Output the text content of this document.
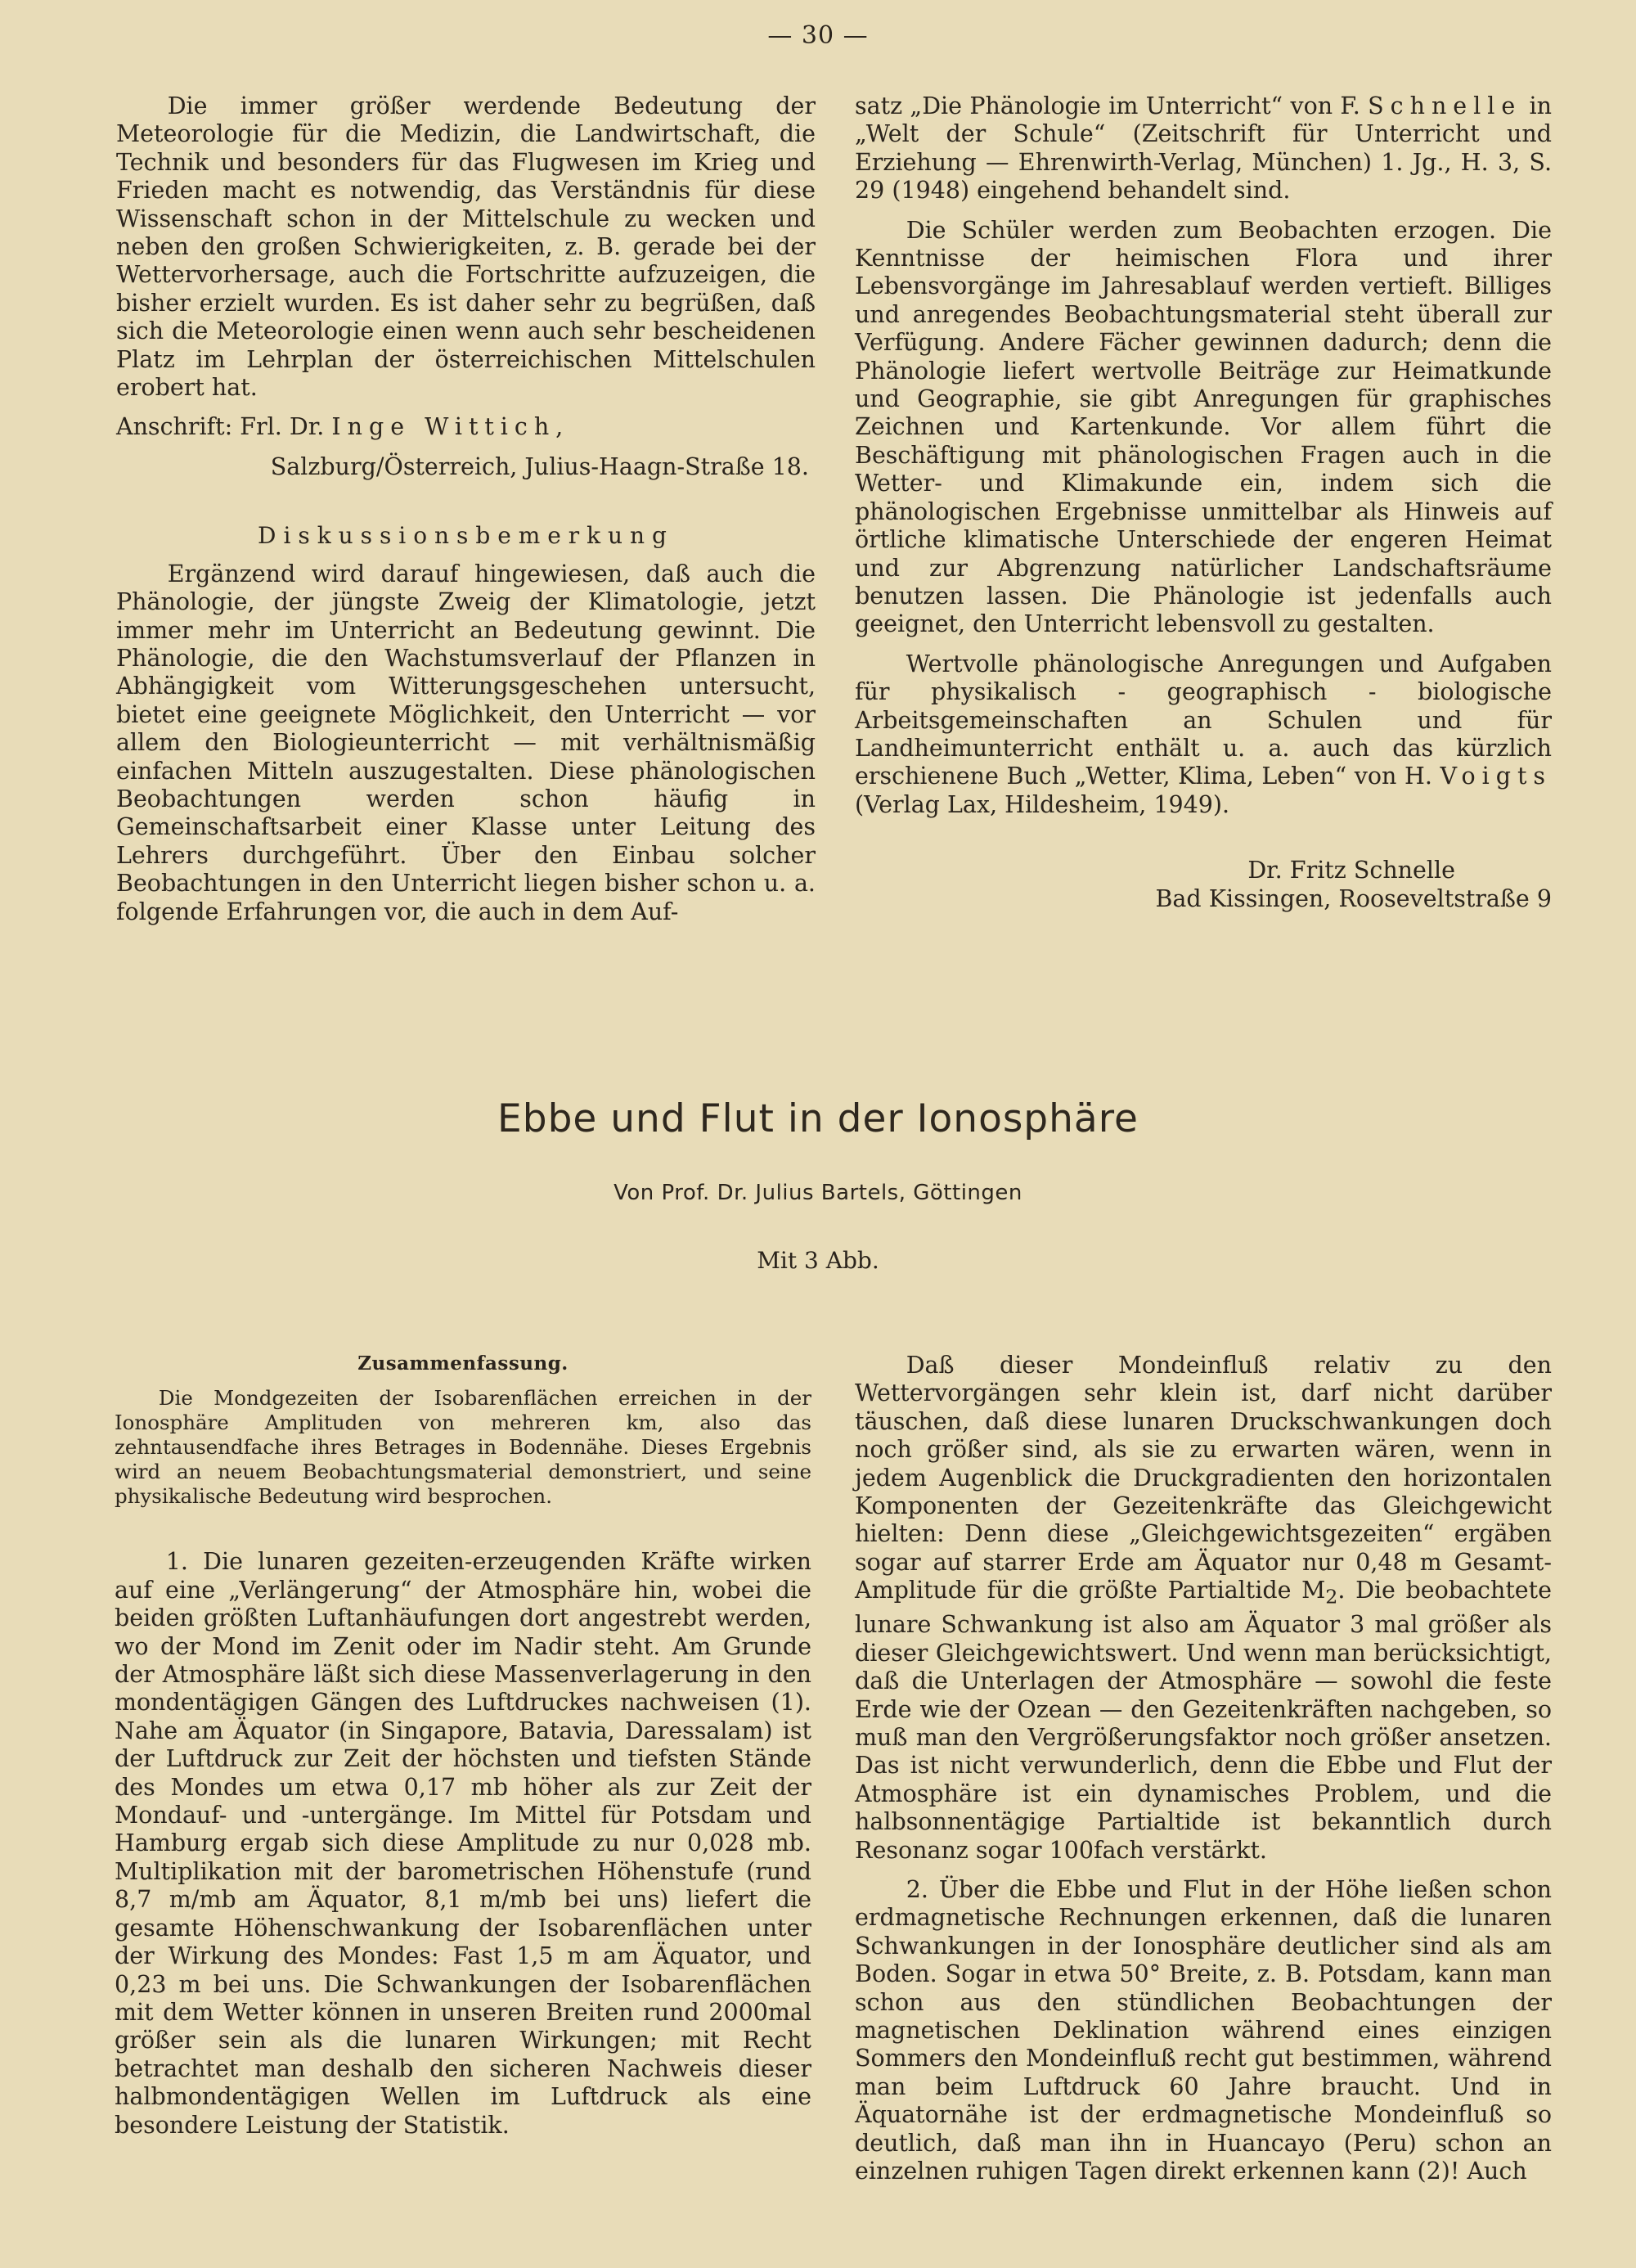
— 30 —

Die immer größer werdende Bedeutung der Meteorologie für die Medizin, die Landwirtschaft, die Technik und besonders für das Flugwesen im Krieg und Frieden macht es notwendig, das Verständnis für diese Wissenschaft schon in der Mittelschule zu wecken und neben den großen Schwierigkeiten, z. B. gerade bei der Wettervorhersage, auch die Fortschritte aufzuzeigen, die bisher erzielt wurden. Es ist daher sehr zu begrüßen, daß sich die Meteorologie einen wenn auch sehr bescheidenen Platz im Lehrplan der österreichischen Mittelschulen erobert hat.

Anschrift: Frl. Dr. Inge Wittich,

Salzburg/Österreich, Julius-Haagn-Straße 18.

Diskussionsbemerkung

Ergänzend wird darauf hingewiesen, daß auch die Phänologie, der jüngste Zweig der Klimatologie, jetzt immer mehr im Unterricht an Bedeutung gewinnt. Die Phänologie, die den Wachstumsverlauf der Pflanzen in Abhängigkeit vom Witterungsgeschehen untersucht, bietet eine geeignete Möglichkeit, den Unterricht — vor allem den Biologieunterricht — mit verhältnismäßig einfachen Mitteln auszugestalten. Diese phänologischen Beobachtungen werden schon häufig in Gemeinschaftsarbeit einer Klasse unter Leitung des Lehrers durchgeführt. Über den Einbau solcher Beobachtungen in den Unterricht liegen bisher schon u. a. folgende Erfahrungen vor, die auch in dem Auf-

satz „Die Phänologie im Unterricht“ von F. Schnelle in „Welt der Schule“ (Zeitschrift für Unterricht und Erziehung — Ehrenwirth-Verlag, München) 1. Jg., H. 3, S. 29 (1948) eingehend behandelt sind.

Die Schüler werden zum Beobachten erzogen. Die Kenntnisse der heimischen Flora und ihrer Lebensvorgänge im Jahresablauf werden vertieft. Billiges und anregendes Beobachtungsmaterial steht überall zur Verfügung. Andere Fächer gewinnen dadurch; denn die Phänologie liefert wertvolle Beiträge zur Heimatkunde und Geographie, sie gibt Anregungen für graphisches Zeichnen und Kartenkunde. Vor allem führt die Beschäftigung mit phänologischen Fragen auch in die Wetter- und Klimakunde ein, indem sich die phänologischen Ergebnisse unmittelbar als Hinweis auf örtliche klimatische Unterschiede der engeren Heimat und zur Abgrenzung natürlicher Landschaftsräume benutzen lassen. Die Phänologie ist jedenfalls auch geeignet, den Unterricht lebensvoll zu gestalten.

Wertvolle phänologische Anregungen und Aufgaben für physikalisch - geographisch - biologische Arbeitsgemeinschaften an Schulen und für Landheimunterricht enthält u. a. auch das kürzlich erschienene Buch „Wetter, Klima, Leben“ von H. Voigts (Verlag Lax, Hildesheim, 1949).

Dr. Fritz Schnelle
Bad Kissingen, Rooseveltstraße 9
Ebbe und Flut in der Ionosphäre
Von Prof. Dr. Julius Bartels, Göttingen
Mit 3 Abb.
Zusammenfassung.

Die Mondgezeiten der Isobarenflächen erreichen in der Ionosphäre Amplituden von mehreren km, also das zehntausendfache ihres Betrages in Bodennähe. Dieses Ergebnis wird an neuem Beobachtungsmaterial demonstriert, und seine physikalische Bedeutung wird besprochen.

1. Die lunaren gezeiten-erzeugenden Kräfte wirken auf eine „Verlängerung“ der Atmosphäre hin, wobei die beiden größten Luftanhäufungen dort angestrebt werden, wo der Mond im Zenit oder im Nadir steht. Am Grunde der Atmosphäre läßt sich diese Massenverlagerung in den mondentägigen Gängen des Luftdruckes nachweisen (1). Nahe am Äquator (in Singapore, Batavia, Daressalam) ist der Luftdruck zur Zeit der höchsten und tiefsten Stände des Mondes um etwa 0,17 mb höher als zur Zeit der Mondauf- und -untergänge. Im Mittel für Potsdam und Hamburg ergab sich diese Amplitude zu nur 0,028 mb. Multiplikation mit der barometrischen Höhenstufe (rund 8,7 m/mb am Äquator, 8,1 m/mb bei uns) liefert die gesamte Höhenschwankung der Isobarenflächen unter der Wirkung des Mondes: Fast 1,5 m am Äquator, und 0,23 m bei uns. Die Schwankungen der Isobarenflächen mit dem Wetter können in unseren Breiten rund 2000mal größer sein als die lunaren Wirkungen; mit Recht betrachtet man deshalb den sicheren Nachweis dieser halbmondentägigen Wellen im Luftdruck als eine besondere Leistung der Statistik.

Daß dieser Mondeinfluß relativ zu den Wettervorgängen sehr klein ist, darf nicht darüber täuschen, daß diese lunaren Druckschwankungen doch noch größer sind, als sie zu erwarten wären, wenn in jedem Augenblick die Druckgradienten den horizontalen Komponenten der Gezeitenkräfte das Gleichgewicht hielten: Denn diese „Gleichgewichtsgezeiten“ ergäben sogar auf starrer Erde am Äquator nur 0,48 m Gesamt-Amplitude für die größte Partialtide $M_2$. Die beobachtete lunare Schwankung ist also am Äquator 3 mal größer als dieser Gleichgewichtswert. Und wenn man berücksichtigt, daß die Unterlagen der Atmosphäre — sowohl die feste Erde wie der Ozean — den Gezeitenkräften nachgeben, so muß man den Vergrößerungsfaktor noch größer ansetzen. Das ist nicht verwunderlich, denn die Ebbe und Flut der Atmosphäre ist ein dynamisches Problem, und die halbsonnentägige Partialtide ist bekanntlich durch Resonanz sogar 100fach verstärkt.

2. Über die Ebbe und Flut in der Höhe ließen schon erdmagnetische Rechnungen erkennen, daß die lunaren Schwankungen in der Ionosphäre deutlicher sind als am Boden. Sogar in etwa 50° Breite, z. B. Potsdam, kann man schon aus den stündlichen Beobachtungen der magnetischen Deklination während eines einzigen Sommers den Mondeinfluß recht gut bestimmen, während man beim Luftdruck 60 Jahre braucht. Und in Äquatornähe ist der erdmagnetische Mondeinfluß so deutlich, daß man ihn in Huancayo (Peru) schon an einzelnen ruhigen Tagen direkt erkennen kann (2)! Auch
